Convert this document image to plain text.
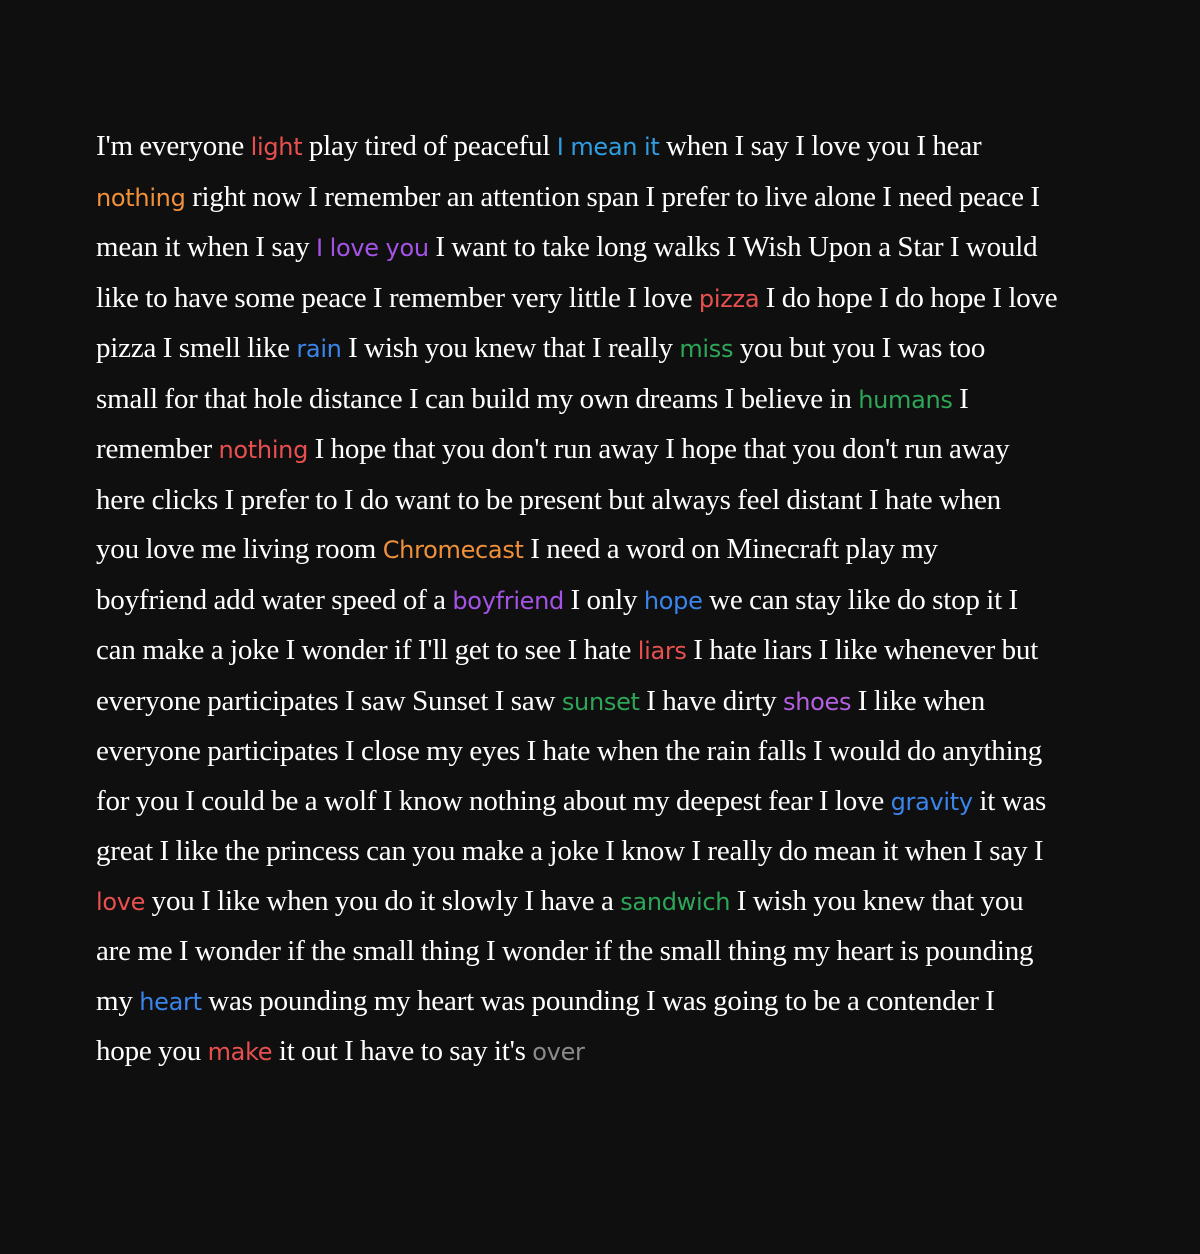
I'm everyone light play tired of peaceful I mean it when I say I love you I hear
nothing right now I remember an attention span I prefer to live alone I need peace I
mean it when I say I love you I want to take long walks I Wish Upon a Star I would
like to have some peace I remember very little I love pizza I do hope I do hope I love
pizza I smell like rain I wish you knew that I really miss you but you I was too
small for that hole distance I can build my own dreams I believe in humans I
remember nothing I hope that you don't run away I hope that you don't run away
here clicks I prefer to I do want to be present but always feel distant I hate when
you love me living room Chromecast I need a word on Minecraft play my
boyfriend add water speed of a boyfriend I only hope we can stay like do stop it I
can make a joke I wonder if I'll get to see I hate liars I hate liars I like whenever but
everyone participates I saw Sunset I saw sunset I have dirty shoes I like when
everyone participates I close my eyes I hate when the rain falls I would do anything
for you I could be a wolf I know nothing about my deepest fear I love gravity it was
great I like the princess can you make a joke I know I really do mean it when I say I
love you I like when you do it slowly I have a sandwich I wish you knew that you
are me I wonder if the small thing I wonder if the small thing my heart is pounding
my heart was pounding my heart was pounding I was going to be a contender I
hope you make it out I have to say it's over
